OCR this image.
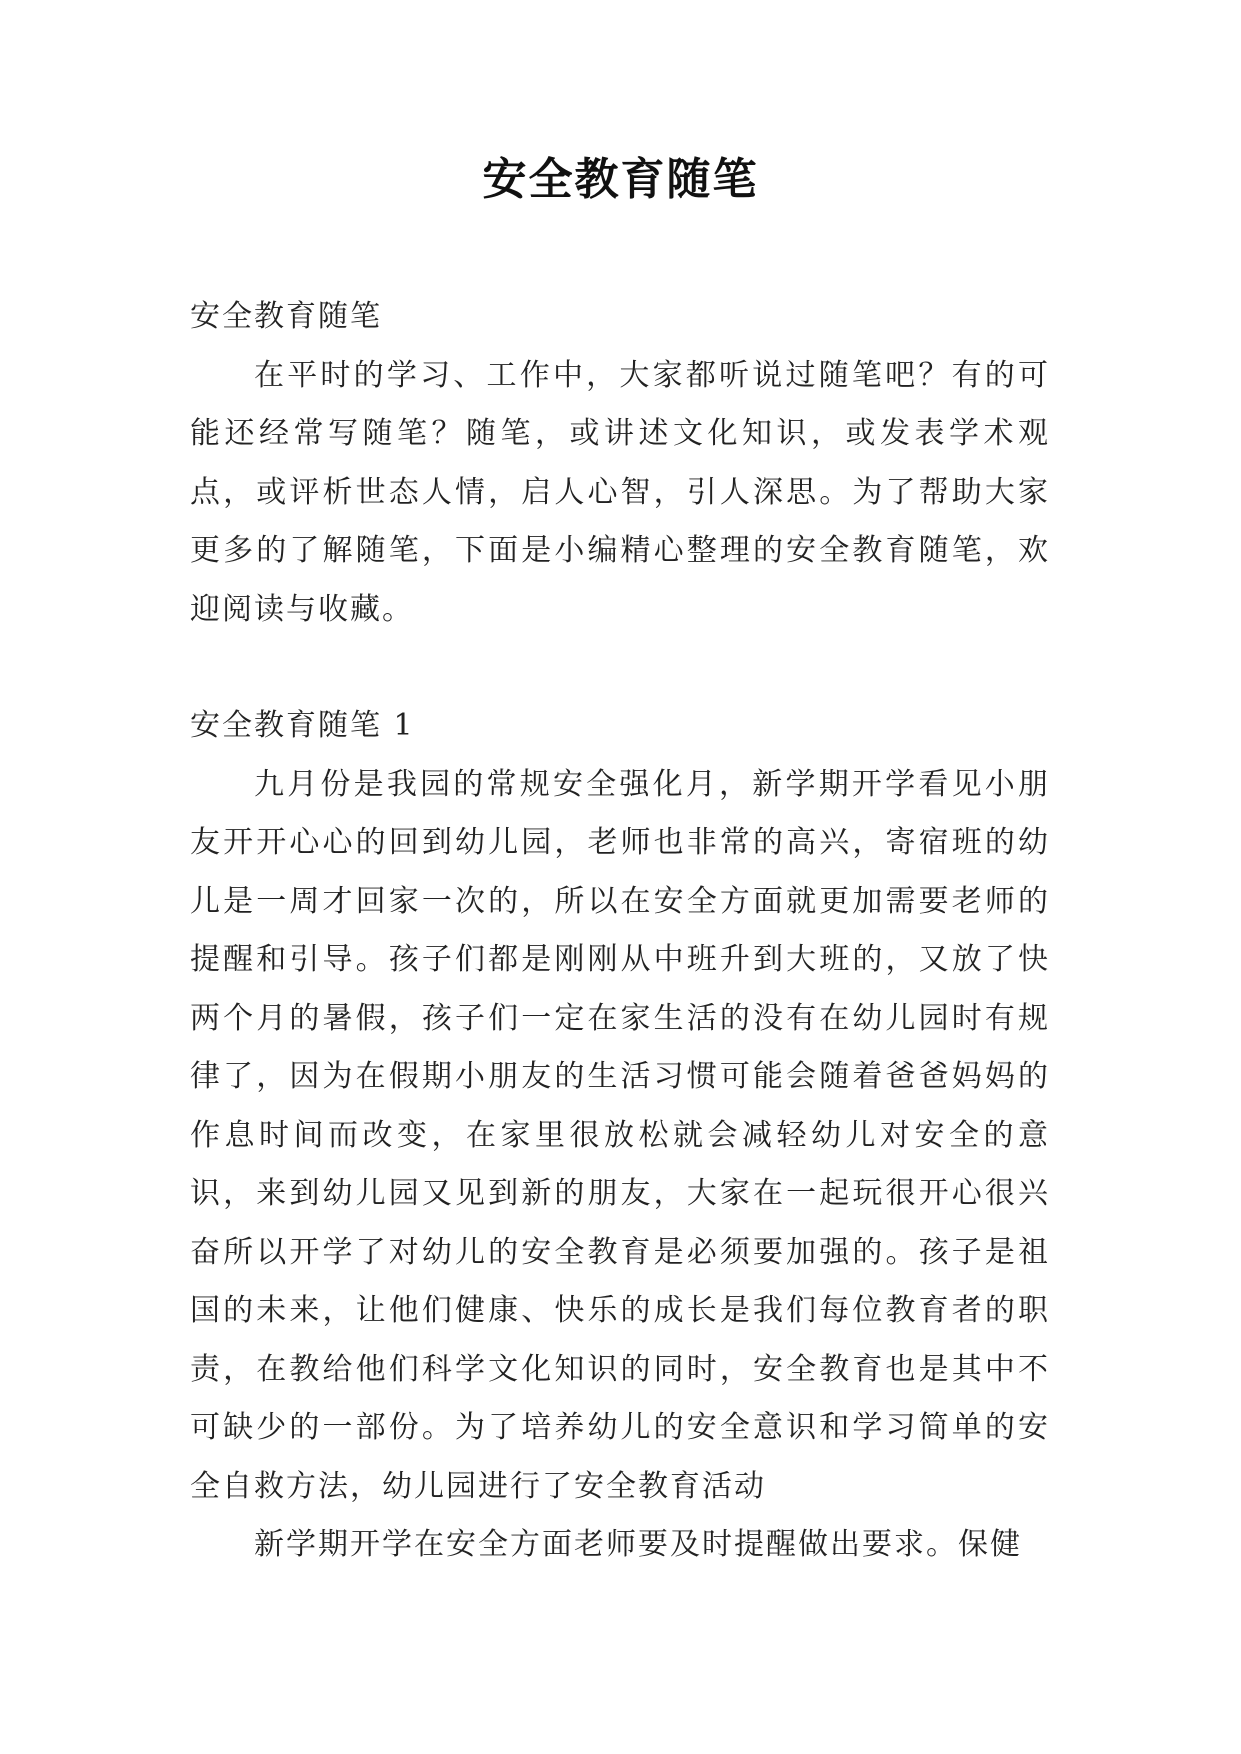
安全教育随笔

安全教育随笔

在平时的学习、工作中，大家都听说过随笔吧？有的可能还经常写随笔？随笔，或讲述文化知识，或发表学术观点，或评析世态人情，启人心智，引人深思。为了帮助大家更多的了解随笔，下面是小编精心整理的安全教育随笔，欢迎阅读与收藏。

安全教育随笔 1

九月份是我园的常规安全强化月，新学期开学看见小朋友开开心心的回到幼儿园，老师也非常的高兴，寄宿班的幼儿是一周才回家一次的，所以在安全方面就更加需要老师的提醒和引导。孩子们都是刚刚从中班升到大班的，又放了快两个月的暑假，孩子们一定在家生活的没有在幼儿园时有规律了，因为在假期小朋友的生活习惯可能会随着爸爸妈妈的作息时间而改变，在家里很放松就会减轻幼儿对安全的意识，来到幼儿园又见到新的朋友，大家在一起玩很开心很兴奋所以开学了对幼儿的安全教育是必须要加强的。孩子是祖国的未来，让他们健康、快乐的成长是我们每位教育者的职责，在教给他们科学文化知识的同时，安全教育也是其中不可缺少的一部份。为了培养幼儿的安全意识和学习简单的安全自救方法，幼儿园进行了安全教育活动

新学期开学在安全方面老师要及时提醒做出要求。保健
